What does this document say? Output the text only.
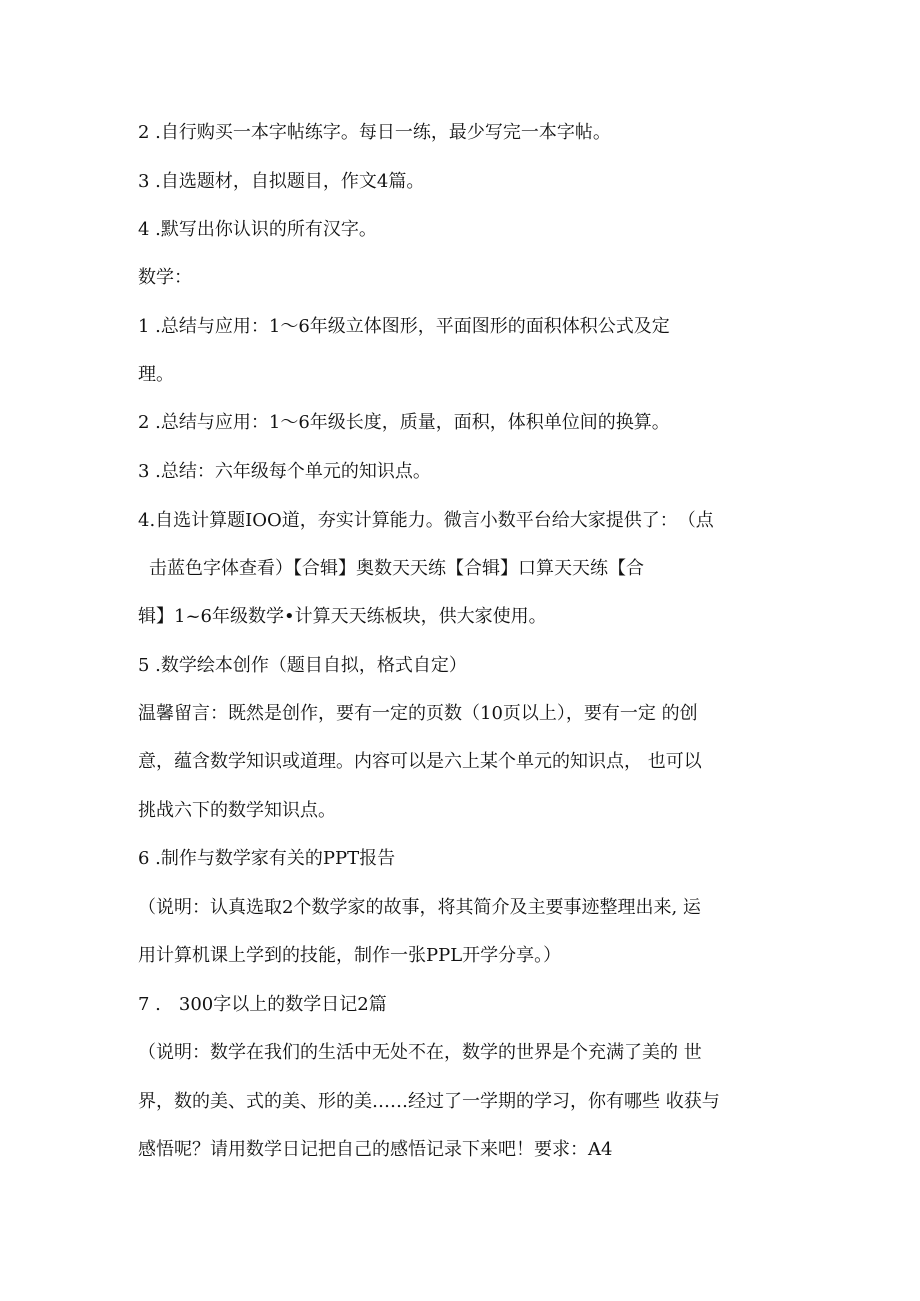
2 .自行购买一本字帖练字。每日一练，最少写完一本字帖。

3 .自选题材，自拟题目，作文4篇。

4 .默写出你认识的所有汉字。

数学：

1 .总结与应用：1～6年级立体图形，平面图形的面积体积公式及定

理。

2 .总结与应用：1～6年级长度，质量，面积，体积单位间的换算。

3 .总结：六年级每个单元的知识点。

4.自选计算题IOO道，夯实计算能力。微言小数平台给大家提供了：　（点

击蓝色字体查看）【合辑】奥数天天练【合辑】口算天天练【合

辑】1~6年级数学•计算天天练板块，供大家使用。

5 .数学绘本创作（题目自拟，格式自定）

温馨留言：既然是创作，要有一定的页数（10页以上），要有一定 的创

意，蕴含数学知识或道理。内容可以是六上某个单元的知识点， 也可以

挑战六下的数学知识点。

6 .制作与数学家有关的PPT报告

（说明：认真选取2个数学家的故事，将其简介及主要事迹整理出来, 运

用计算机课上学到的技能，制作一张PPL开学分享。）

7 .　300字以上的数学日记2篇

（说明：数学在我们的生活中无处不在，数学的世界是个充满了美的 世

界，数的美、式的美、形的美……经过了一学期的学习，你有哪些 收获与

感悟呢？请用数学日记把自己的感悟记录下来吧！要求：A4
